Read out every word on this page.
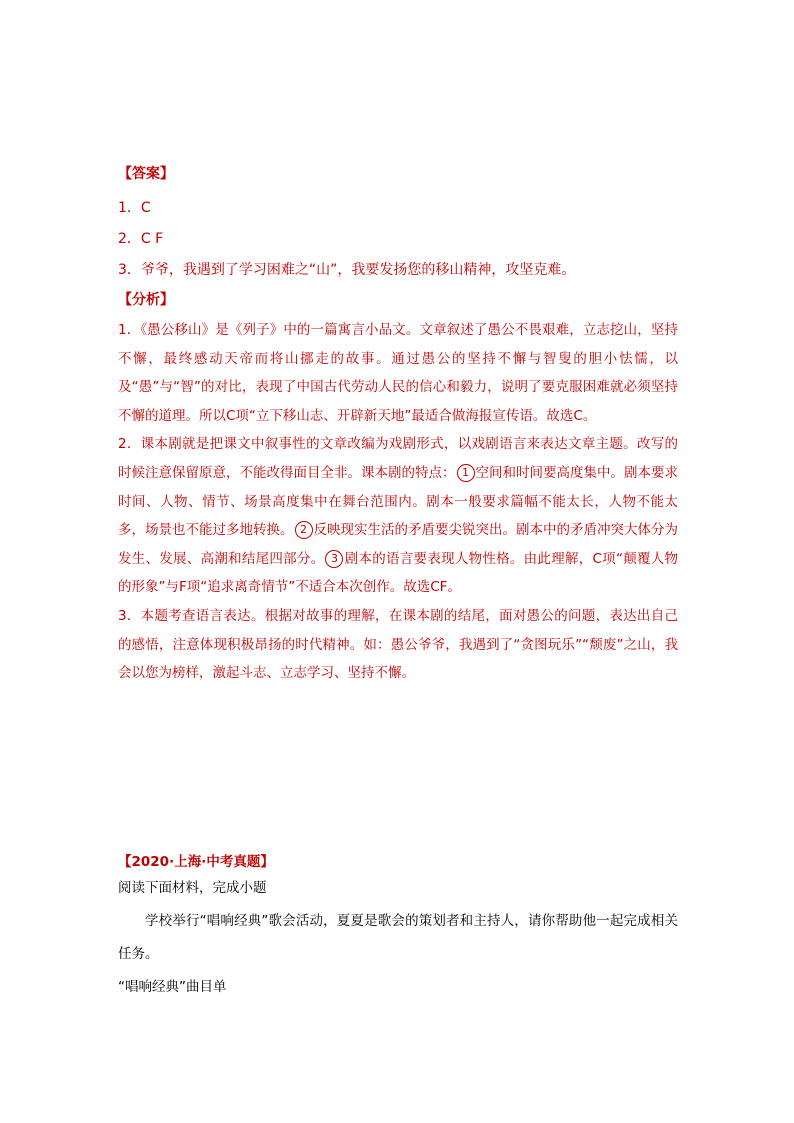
【答案】
1．C
2．C F
3．爷爷，我遇到了学习困难之“山”，我要发扬您的移山精神，攻坚克难。
【分析】

1．《愚公移山》是《列子》中的一篇寓言小品文。文章叙述了愚公不畏艰难，立志挖山，坚持不懈，最终感动天帝而将山挪走的故事。通过愚公的坚持不懈与智叟的胆小怯懦，以及“愚”与“智”的对比，表现了中国古代劳动人民的信心和毅力，说明了要克服困难就必须坚持不懈的道理。所以C项“立下移山志、开辟新天地”最适合做海报宣传语。故选C。

2．课本剧就是把课文中叙事性的文章改编为戏剧形式，以戏剧语言来表达文章主题。改写的时候注意保留原意，不能改得面目全非。课本剧的特点： 1 空间和时间要高度集中。剧本要求时间、人物、情节、场景高度集中在舞台范围内。剧本一般要求篇幅不能太长，人物不能太多，场景也不能过多地转换。 2 反映现实生活的矛盾要尖锐突出。剧本中的矛盾冲突大体分为发生、发展、高潮和结尾四部分。 3 剧本的语言要表现人物性格。由此理解，C项“颠覆人物的形象”与F项“追求离奇情节”不适合本次创作。故选CF。

3．本题考查语言表达。根据对故事的理解，在课本剧的结尾，面对愚公的问题，表达出自己的感悟，注意体现积极昂扬的时代精神。如：愚公爷爷，我遇到了“贪图玩乐”“颓废”之山，我会以您为榜样，激起斗志、立志学习、坚持不懈。

【2020·上海·中考真题】

阅读下面材料，完成小题

学校举行“唱响经典”歌会活动，夏夏是歌会的策划者和主持人，请你帮助他一起完成相关任务。

“唱响经典”曲目单
